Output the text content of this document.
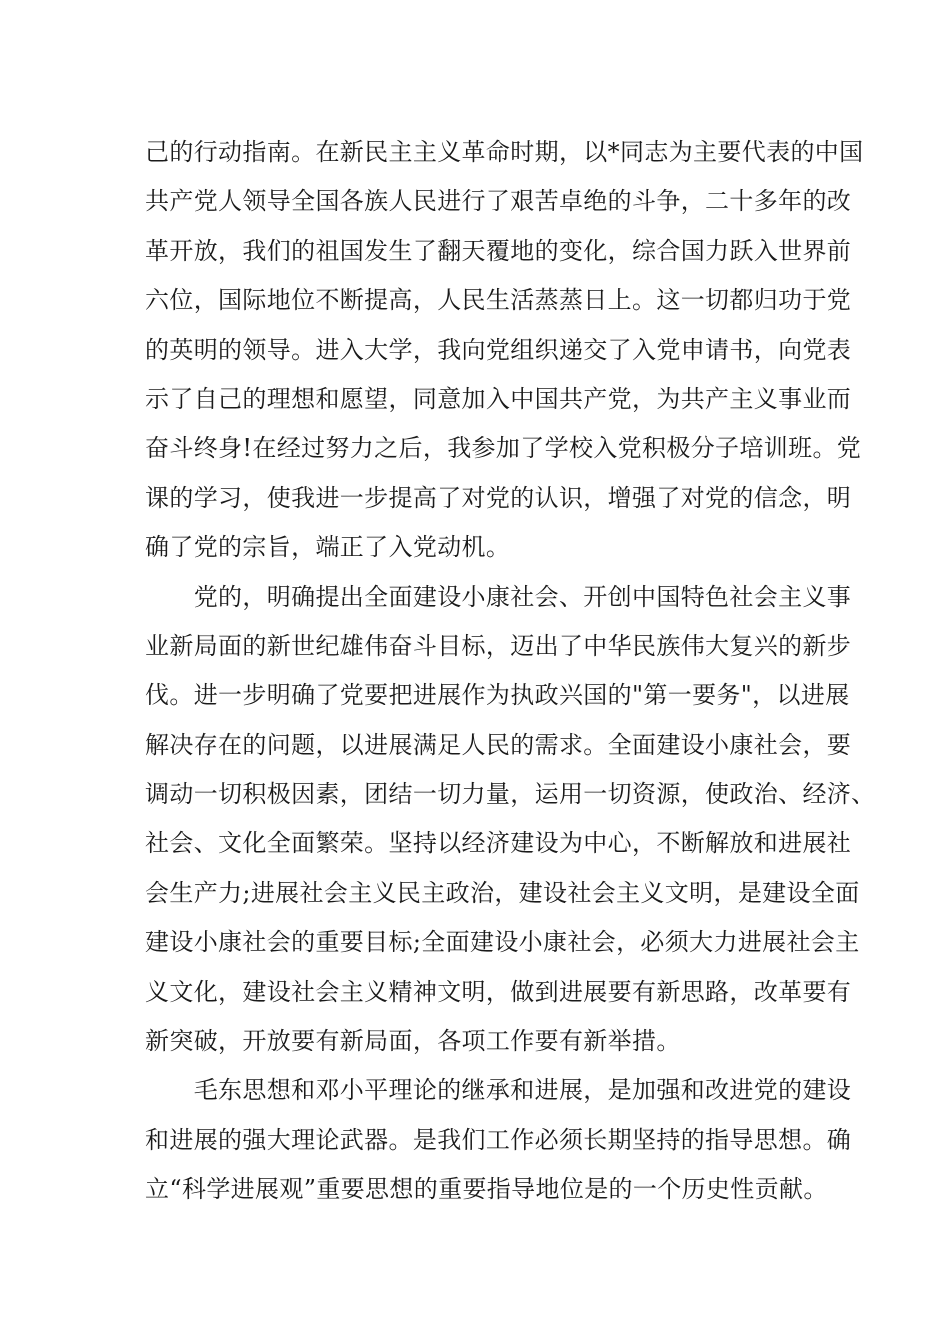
己的行动指南。在新民主主义革命时期，以*同志为主要代表的中国
共产党人领导全国各族人民进行了艰苦卓绝的斗争，二十多年的改
革开放，我们的祖国发生了翻天覆地的变化，综合国力跃入世界前
六位，国际地位不断提高，人民生活蒸蒸日上。这一切都归功于党
的英明的领导。进入大学，我向党组织递交了入党申请书，向党表
示了自己的理想和愿望，同意加入中国共产党，为共产主义事业而
奋斗终身!在经过努力之后，我参加了学校入党积极分子培训班。党
课的学习，使我进一步提高了对党的认识，增强了对党的信念，明
确了党的宗旨，端正了入党动机。

　　党的，明确提出全面建设小康社会、开创中国特色社会主义事
业新局面的新世纪雄伟奋斗目标，迈出了中华民族伟大复兴的新步
伐。进一步明确了党要把进展作为执政兴国的"第一要务"，以进展
解决存在的问题，以进展满足人民的需求。全面建设小康社会，要
调动一切积极因素，团结一切力量，运用一切资源，使政治、经济、
社会、文化全面繁荣。坚持以经济建设为中心，不断解放和进展社
会生产力;进展社会主义民主政治，建设社会主义文明，是建设全面
建设小康社会的重要目标;全面建设小康社会，必须大力进展社会主
义文化，建设社会主义精神文明，做到进展要有新思路，改革要有
新突破，开放要有新局面，各项工作要有新举措。

　　毛东思想和邓小平理论的继承和进展，是加强和改进党的建设
和进展的强大理论武器。是我们工作必须长期坚持的指导思想。确
立“科学进展观”重要思想的重要指导地位是的一个历史性贡献。
